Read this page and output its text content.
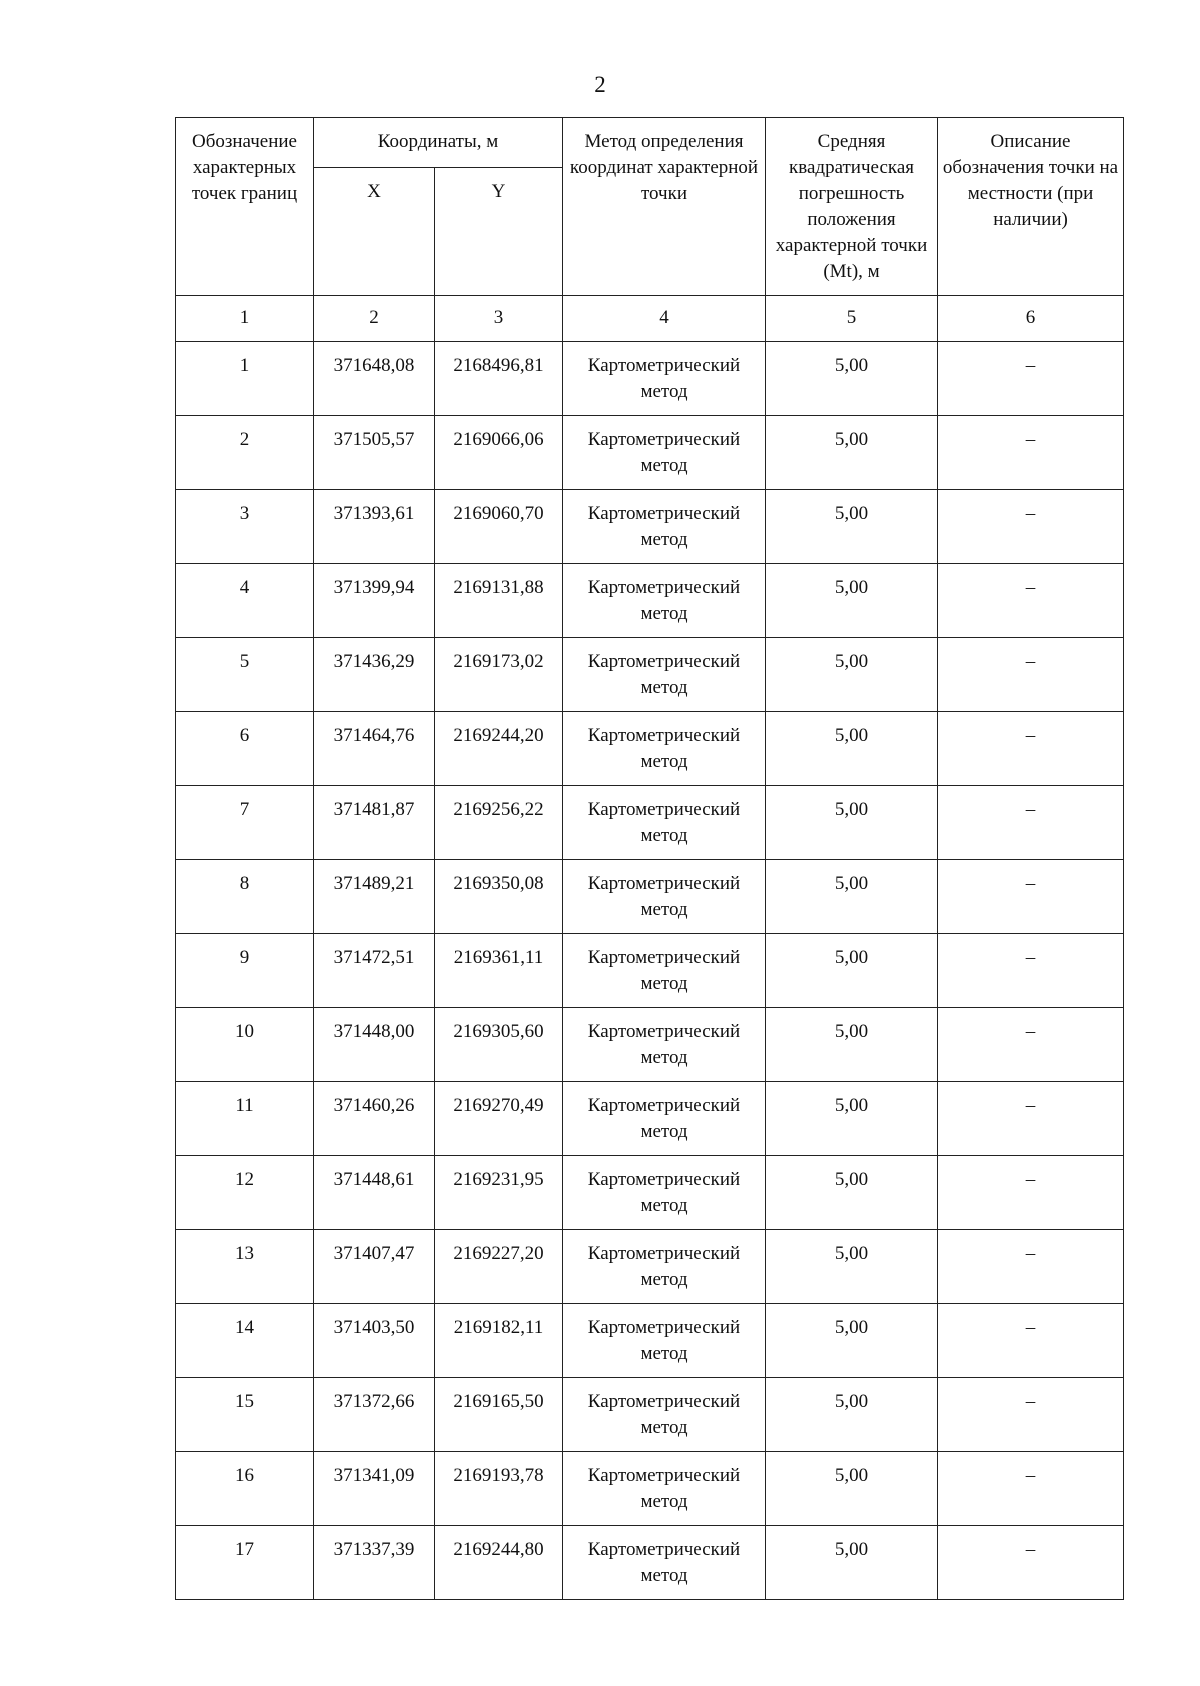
2
Обозначение характерных точек границ	Координаты, м		Метод определения координат характерной точки	Средняя квадратическая погрешность положения характерной точки (Mt), м	Описание обозначения точки на местности (при наличии)
	X	Y			
1	2	3	4	5	6
1	371648,08	2168496,81	Картометрический метод	5,00	–
2	371505,57	2169066,06	Картометрический метод	5,00	–
3	371393,61	2169060,70	Картометрический метод	5,00	–
4	371399,94	2169131,88	Картометрический метод	5,00	–
5	371436,29	2169173,02	Картометрический метод	5,00	–
6	371464,76	2169244,20	Картометрический метод	5,00	–
7	371481,87	2169256,22	Картометрический метод	5,00	–
8	371489,21	2169350,08	Картометрический метод	5,00	–
9	371472,51	2169361,11	Картометрический метод	5,00	–
10	371448,00	2169305,60	Картометрический метод	5,00	–
11	371460,26	2169270,49	Картометрический метод	5,00	–
12	371448,61	2169231,95	Картометрический метод	5,00	–
13	371407,47	2169227,20	Картометрический метод	5,00	–
14	371403,50	2169182,11	Картометрический метод	5,00	–
15	371372,66	2169165,50	Картометрический метод	5,00	–
16	371341,09	2169193,78	Картометрический метод	5,00	–
17	371337,39	2169244,80	Картометрический метод	5,00	–
